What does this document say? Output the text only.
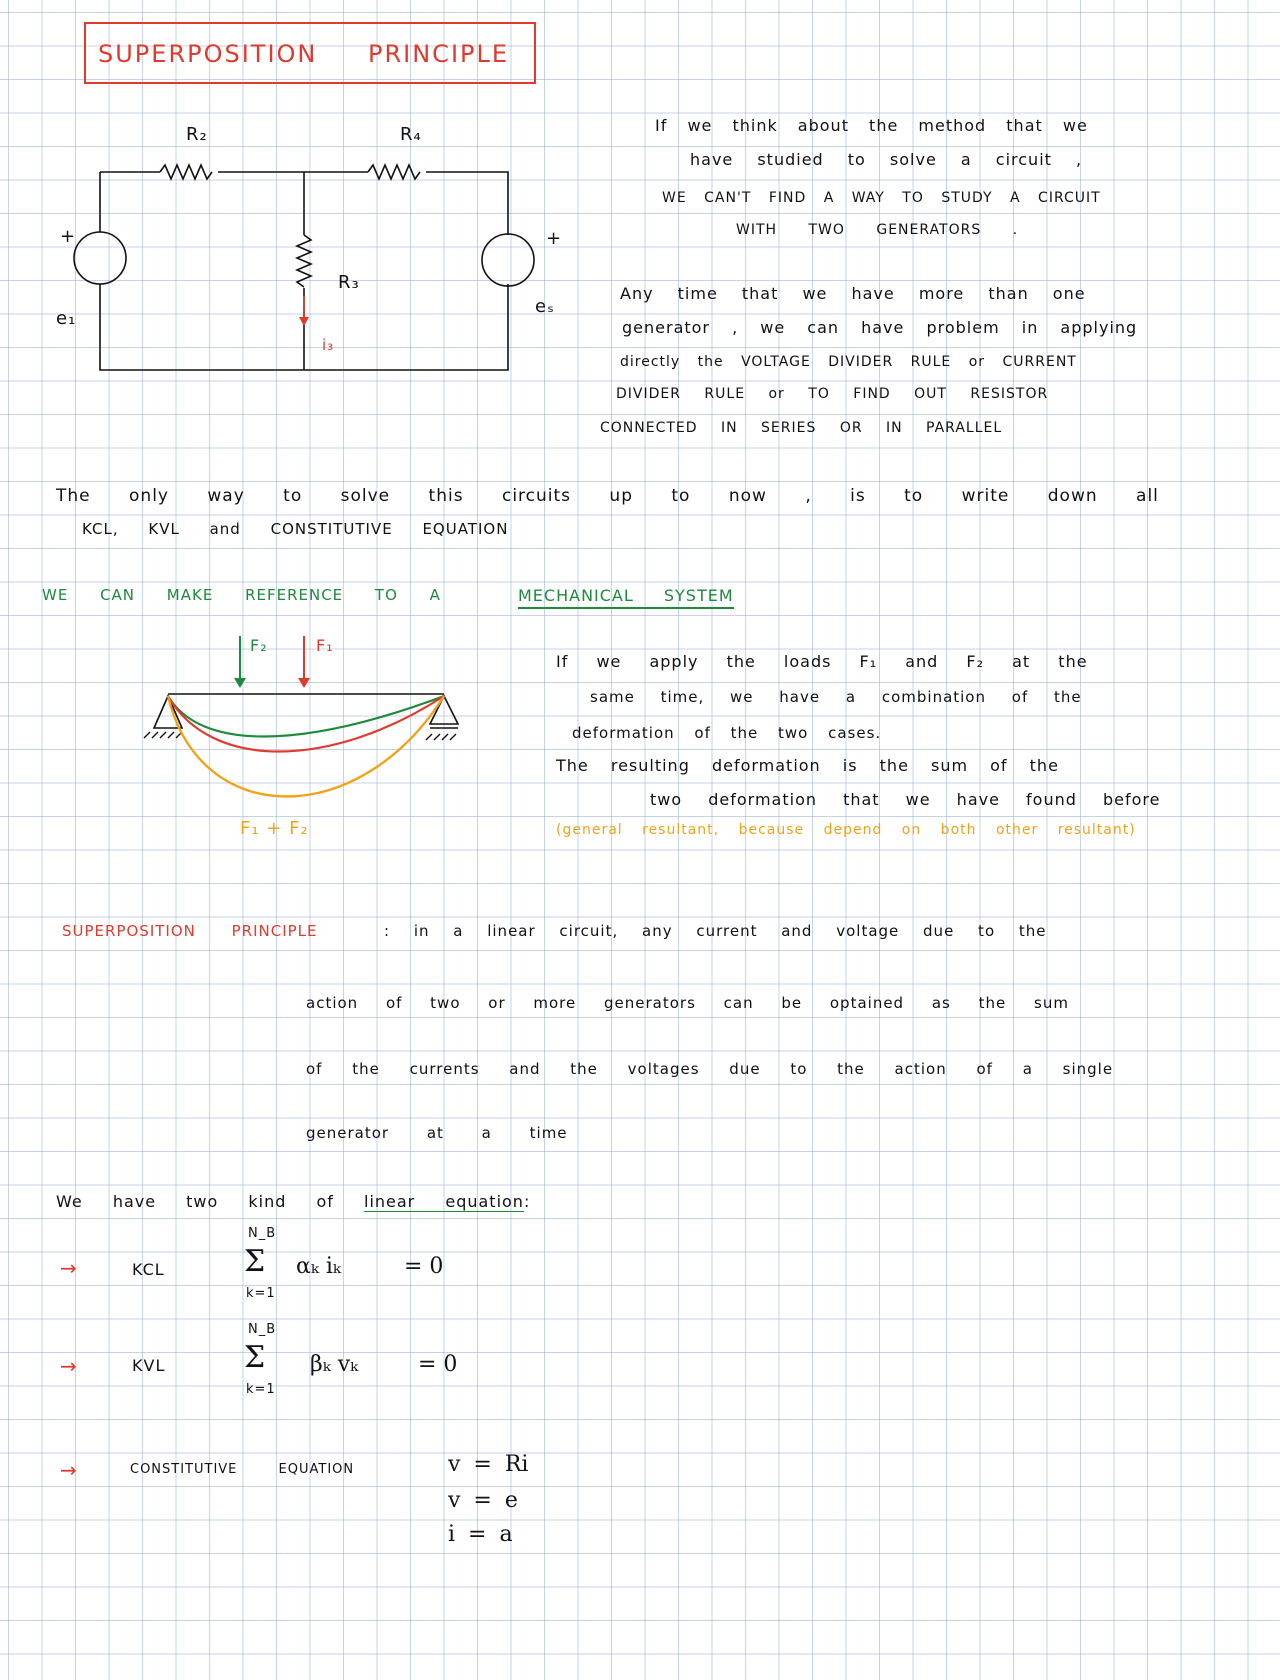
SUPERPOSITION PRINCIPLE
R₂	R₄
R₃
i₃
e₁
eₛ
+	+
If we think about the method that we
have studied to solve a circuit ,
WE CAN'T FIND A WAY TO STUDY A CIRCUIT
WITH TWO GENERATORS .
Any time that we have more than one
generator , we can have problem in applying
directly the VOLTAGE DIVIDER RULE or CURRENT
DIVIDER RULE or TO FIND OUT RESISTOR
CONNECTED IN SERIES OR IN PARALLEL
The only way to solve this circuits up to now , is to write down all
KCL, KVL and CONSTITUTIVE EQUATION
WE CAN MAKE REFERENCE TO A	MECHANICAL SYSTEM
F₂	F₁
F₁ + F₂
If we apply the loads F₁ and F₂ at the
same time, we have a combination of the
deformation of the two cases.
The resulting deformation is the sum of the
two deformation that we have found before
(general resultant, because depend on both other resultant)
SUPERPOSITION PRINCIPLE	: in a linear circuit, any current and voltage due to the
action of two or more generators can be optained as the sum
of the currents and the voltages due to the action of a single
generator at a time
We have two kind of linear equation:
→	KCL
N_B
Σ
k=1
αₖ iₖ	= 0
→	KVL
N_B
Σ
k=1
βₖ vₖ	= 0
→	CONSTITUTIVE EQUATION	v = Ri
v = e
i = a
